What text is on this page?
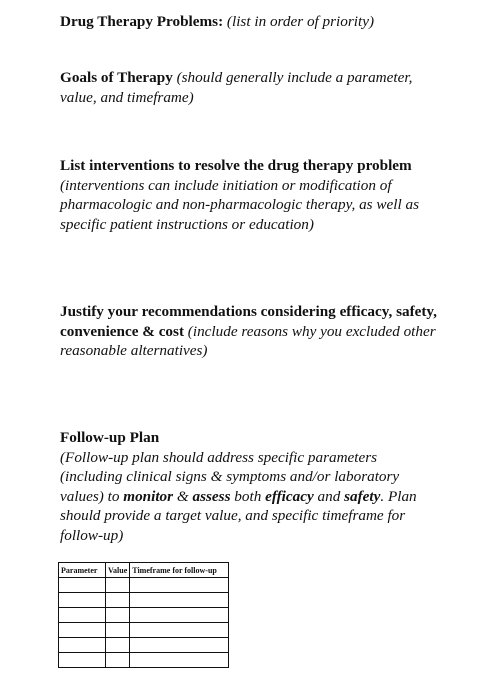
Drug Therapy Problems: (list in order of priority)
Goals of Therapy (should generally include a parameter, value, and timeframe)
List interventions to resolve the drug therapy problem
(interventions can include initiation or modification of pharmacologic and non-pharmacologic therapy, as well as specific patient instructions or education)
Justify your recommendations considering efficacy, safety, convenience & cost (include reasons why you excluded other reasonable alternatives)
Follow-up Plan
(Follow-up plan should address specific parameters (including clinical signs & symptoms and/or laboratory values) to monitor & assess both efficacy and safety. Plan should provide a target value, and specific timeframe for follow-up)
Parameter	Value	Timeframe for follow-up
